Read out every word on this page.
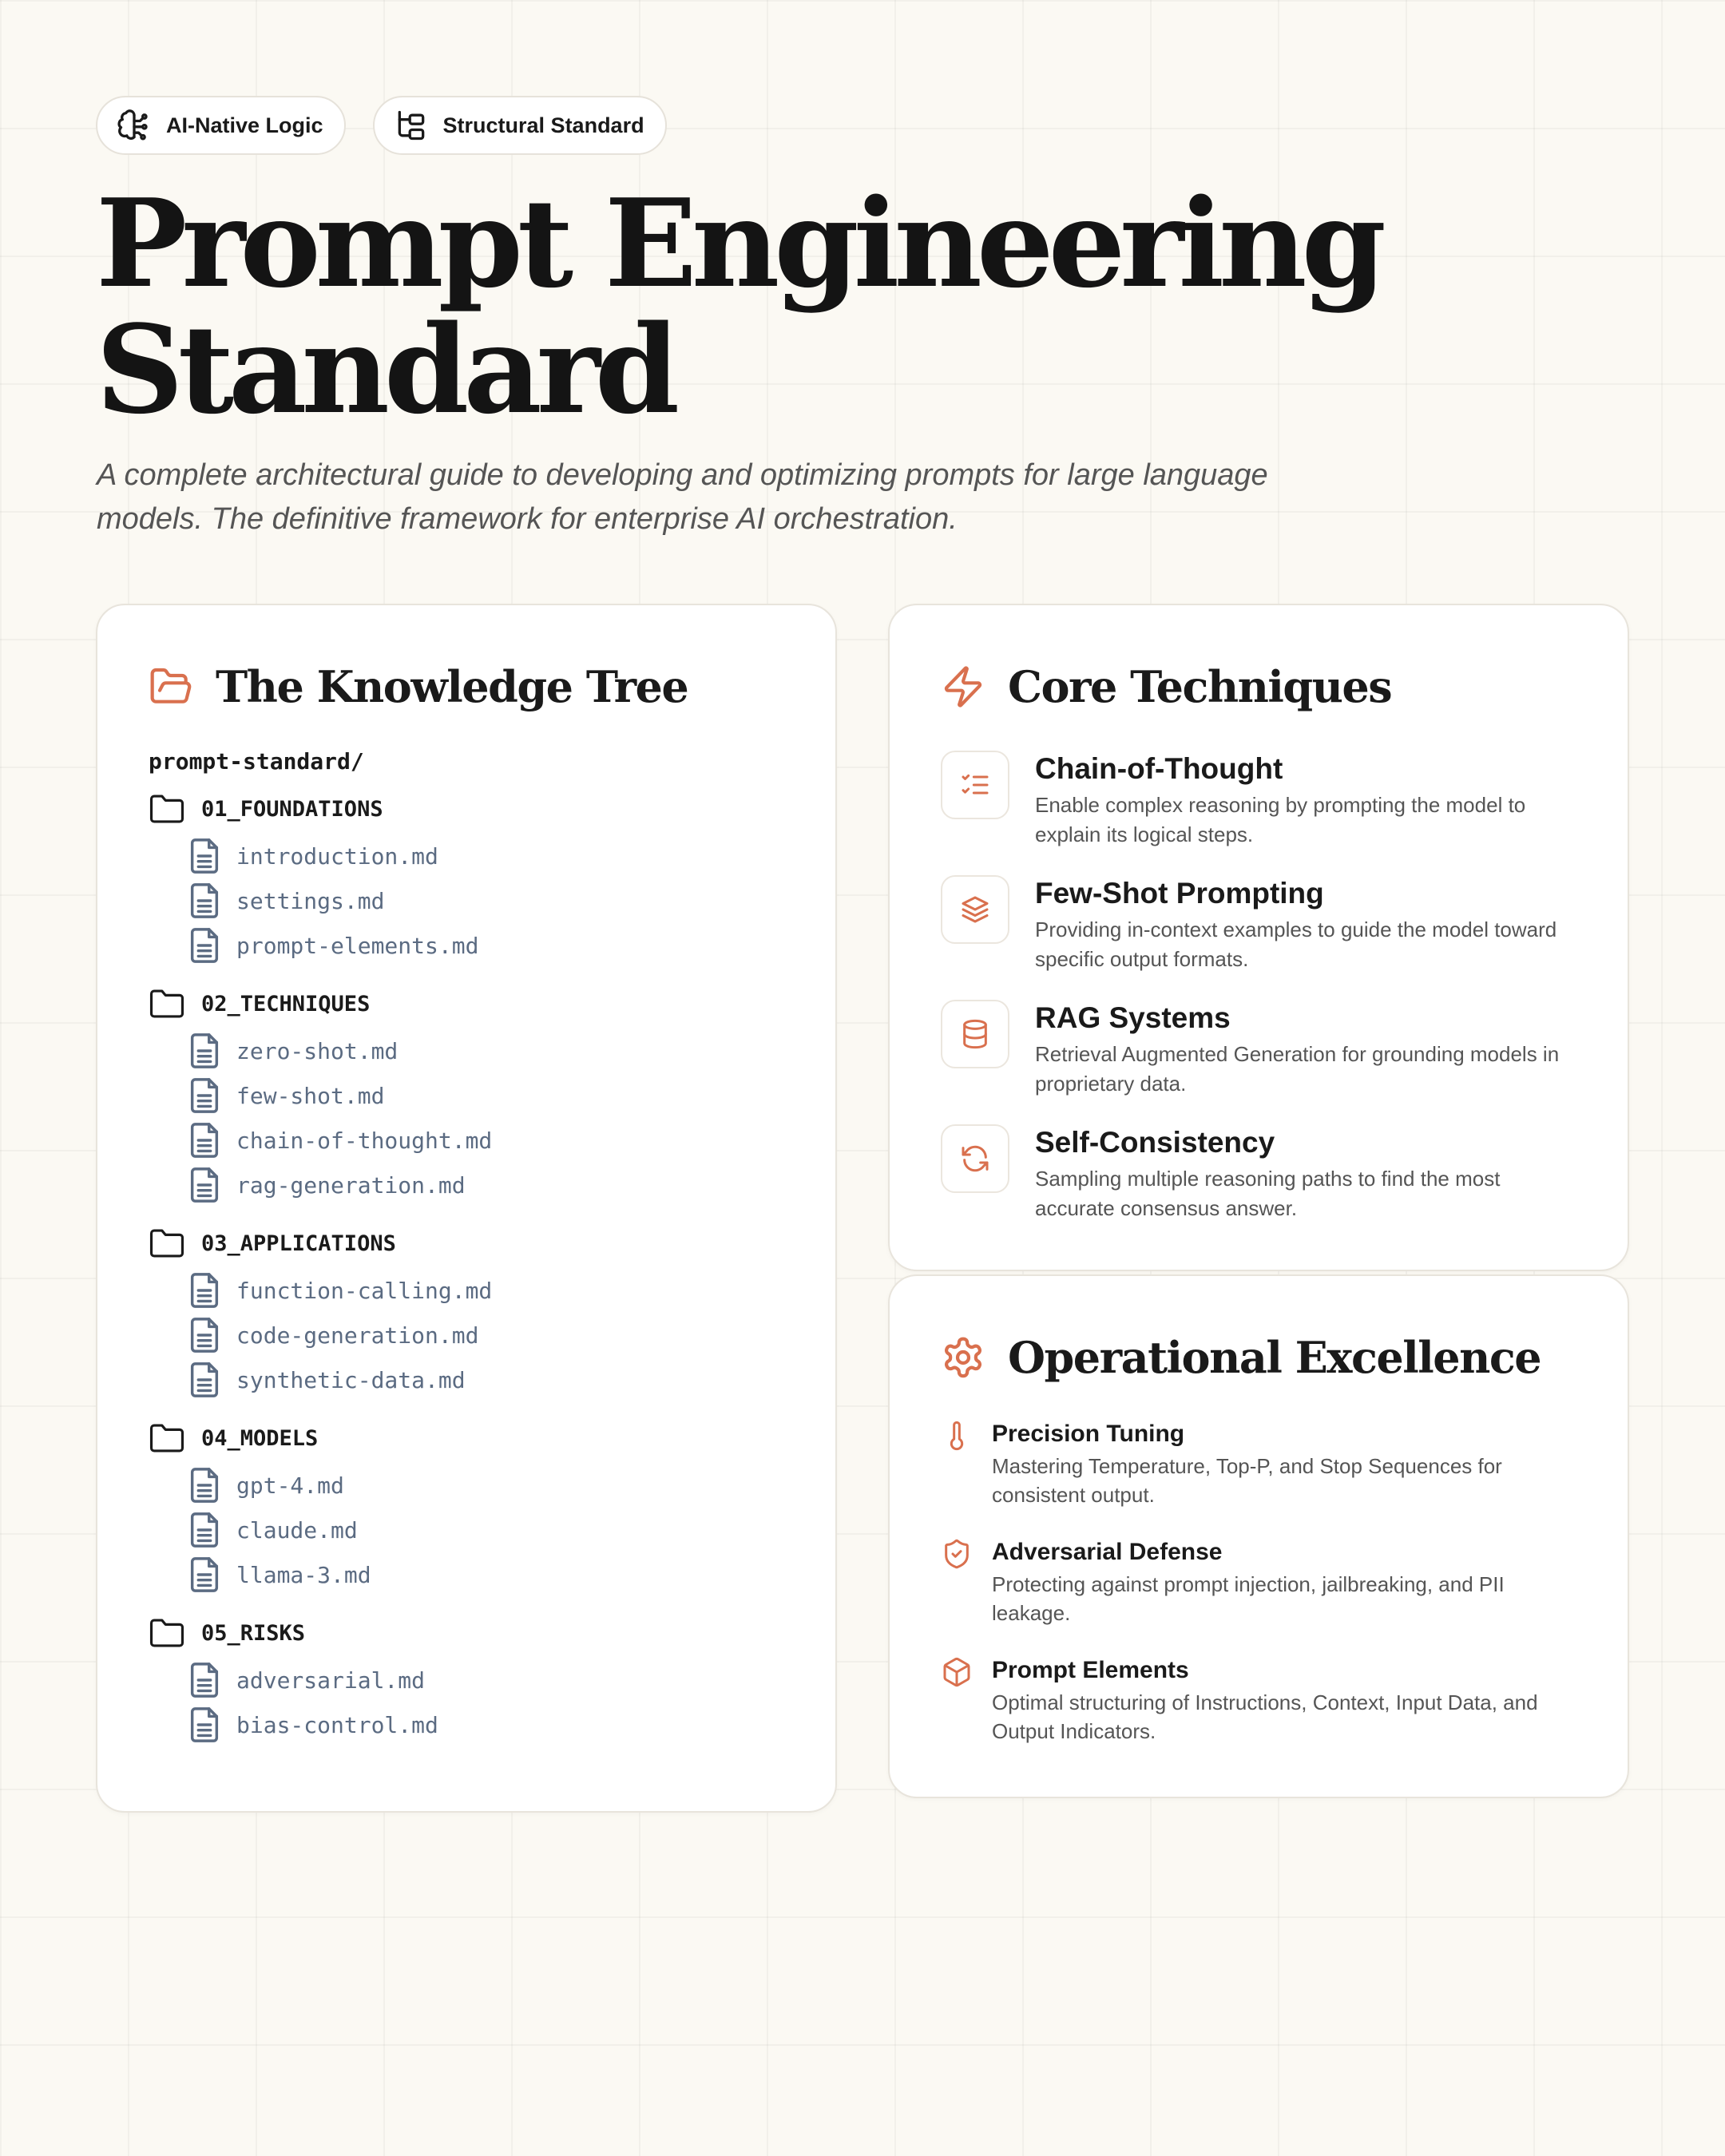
AI-Native Logic	Structural Standard
Prompt Engineering Standard

A complete architectural guide to developing and optimizing prompts for large language models. The definitive framework for enterprise AI orchestration.

The Knowledge Tree
prompt-standard/
01_FOUNDATIONS
introduction.md
settings.md
prompt-elements.md
02_TECHNIQUES
zero-shot.md
few-shot.md
chain-of-thought.md
rag-generation.md
03_APPLICATIONS
function-calling.md
code-generation.md
synthetic-data.md
04_MODELS
gpt-4.md
claude.md
llama-3.md
05_RISKS
adversarial.md
bias-control.md
Core Techniques

Chain-of-Thought

Enable complex reasoning by prompting the model to explain its logical steps.

Few-Shot Prompting

Providing in-context examples to guide the model toward specific output formats.

RAG Systems

Retrieval Augmented Generation for grounding models in proprietary data.

Self-Consistency

Sampling multiple reasoning paths to find the most accurate consensus answer.

Operational Excellence

Precision Tuning

Mastering Temperature, Top-P, and Stop Sequences for consistent output.

Adversarial Defense

Protecting against prompt injection, jailbreaking, and PII leakage.

Prompt Elements

Optimal structuring of Instructions, Context, Input Data, and Output Indicators.
